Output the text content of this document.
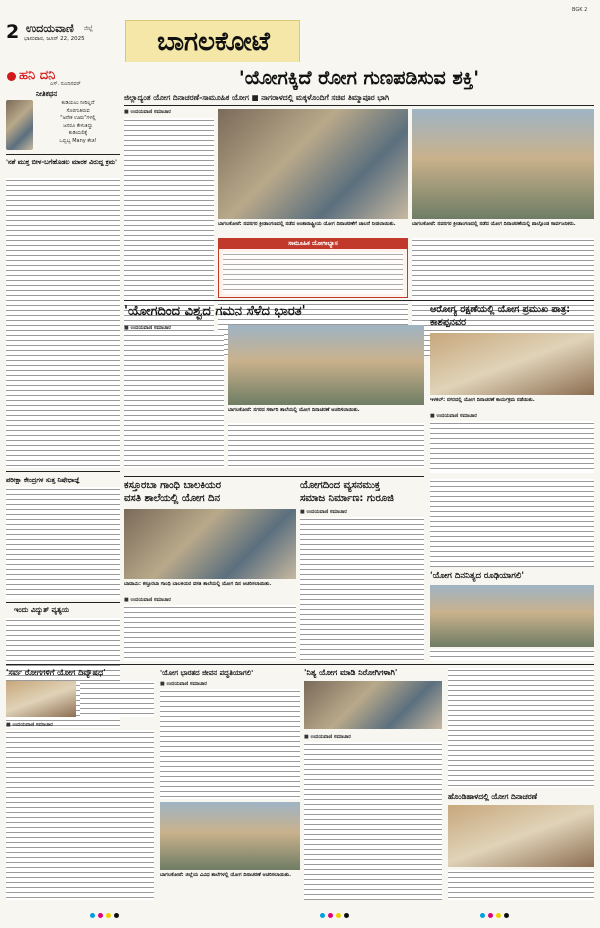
2 ಉದಯವಾಣಿ ಜಿಲ್ಲೆ
ಭಾನುವಾರ, ಜೂನ್ 22, 2025	ಬಾಗಲಕೋಟೆ
BGK 2
ಹನಿ ದನಿ
ಎಸ್. ನುಂದಿನವರ್
ನೀತಿಕಥನ
ಕುಡಿಯಲು ನೀರಿಲ್ಲದೆ
ಸೊರಗುತಿರುವ
"ಅನೇಕ ಊರು"ಗಳಲ್ಲಿ
ಜನರೂ ಕೇಳುತಿದ್ದು
ಕುಡಿಯಲಿಕ್ಕೆ
ಒಬ್ಬಿಬ್ಬ Many ಕೇಜಿ!
'ನಶೆ ಮುಕ್ತ ಬೀಳ-ಬಗೆಹೊಡಲ ಮಾರಕ ವಿರುದ್ಧ ಕ್ರಮ'
ಪರೀಕ್ಷಾ ಕೇಂದ್ರಗಳ ಸುತ್ತ ನಿಷೇಧಾಜ್ಞೆ
ಇಂದು ವಿದ್ಯುತ್ ವ್ಯತ್ಯಯ
'ಯೋಗಕ್ಕಿದೆ ರೋಗ ಗುಣಪಡಿಸುವ ಶಕ್ತಿ'
ಜಿಲ್ಲಾದ್ಯಂತ ಯೋಗ ದಿನಾಚರಣೆ-ಸಾಮೂಹಿಕ ಯೋಗ ■ ನಾಗರಾಳದಲ್ಲಿ ಮಕ್ಕಳೊಂದಿಗೆ ಸಚಿವ ತಿಮ್ಮಾಪೂರ ಭಾಗಿ
■ ಉದಯವಾಣಿ ಸಮಾಚಾರ
ಬಾಗಲಕೋಟೆ: ನವನಗರ ಕ್ರೀಡಾಂಗಣದಲ್ಲಿ ನಡೆದ ಅಂತಾರಾಷ್ಟ್ರೀಯ ಯೋಗ ದಿನಾಚರಣೆಗೆ ಚಾಲನೆ ನೀಡಲಾಯಿತು.	ಬಾಗಲಕೋಟೆ: ನವನಗರ ಕ್ರೀಡಾಂಗಣದಲ್ಲಿ ನಡೆದ ಯೋಗ ದಿನಾಚರಣೆಯಲ್ಲಿ ಪಾಲ್ಗೊಂಡ ಸಾರ್ವಜನಿಕರು.
ಸಾಮೂಹಿಕ ಯೋಗಾಭ್ಯಾಸ
'ಯೋಗದಿಂದ ವಿಶ್ವದ ಗಮನ ಸೆಳೆದ ಭಾರತ'
■ ಉದಯವಾಣಿ ಸಮಾಚಾರ
ಬಾಗಲಕೋಟೆ: ನಗರದ ಸರ್ಕಾರಿ ಶಾಲೆಯಲ್ಲಿ ಯೋಗ ದಿನಾಚರಣೆ ಆಚರಿಸಲಾಯಿತು.
ಆರೋಗ್ಯ ರಕ್ಷಣೆಯಲ್ಲಿ ಯೋಗ ಪ್ರಮುಖ ಪಾತ್ರ: ಕಾಶಪ್ಪನವರ
ಇಳಕಲ್: ನಗರದಲ್ಲಿ ಯೋಗ ದಿನಾಚರಣೆ ಕಾರ್ಯಕ್ರಮ ನಡೆಯಿತು.
■ ಉದಯವಾಣಿ ಸಮಾಚಾರ
ಕಸ್ತೂರಬಾ ಗಾಂಧಿ ಬಾಲಕಿಯರ
ವಸತಿ ಶಾಲೆಯಲ್ಲಿ ಯೋಗ ದಿನ
ಬಾದಾಮಿ: ಕಸ್ತೂರಬಾ ಗಾಂಧಿ ಬಾಲಕಿಯರ ವಸತಿ ಶಾಲೆಯಲ್ಲಿ ಯೋಗ ದಿನ ಆಚರಿಸಲಾಯಿತು.
■ ಉದಯವಾಣಿ ಸಮಾಚಾರ
ಯೋಗದಿಂದ ವ್ಯಸನಮುಕ್ತ
ಸಮಾಜ ನಿರ್ಮಾಣ: ಗುರೂಜಿ
■ ಉದಯವಾಣಿ ಸಮಾಚಾರ
'ಯೋಗ ದಿನನಿತ್ಯದ ರೂಢಿಯಾಗಲಿ'
'ಸರ್ವ ರೋಗಗಳಿಗೆ ಯೋಗ ದಿವ್ಯೌಷಧ'
■ ಉದಯವಾಣಿ ಸಮಾಚಾರ
'ಯೋಗ ಭಾರತದ ಜೀವನ ಪದ್ಧತಿಯಾಗಲಿ'
■ ಉದಯವಾಣಿ ಸಮಾಚಾರ
ಬಾಗಲಕೋಟೆ: ಜಿಲ್ಲೆಯ ವಿವಿಧ ಶಾಲೆಗಳಲ್ಲಿ ಯೋಗ ದಿನಾಚರಣೆ ಆಚರಿಸಲಾಯಿತು.
'ನಿತ್ಯ ಯೋಗ ಮಾಡಿ ನಿರೋಗಿಗಳಾಗಿ'
■ ಉದಯವಾಣಿ ಸಮಾಚಾರ
ಹೊಂಡಿಹಾಳದಲ್ಲಿ ಯೋಗ ದಿನಾಚರಣೆ
